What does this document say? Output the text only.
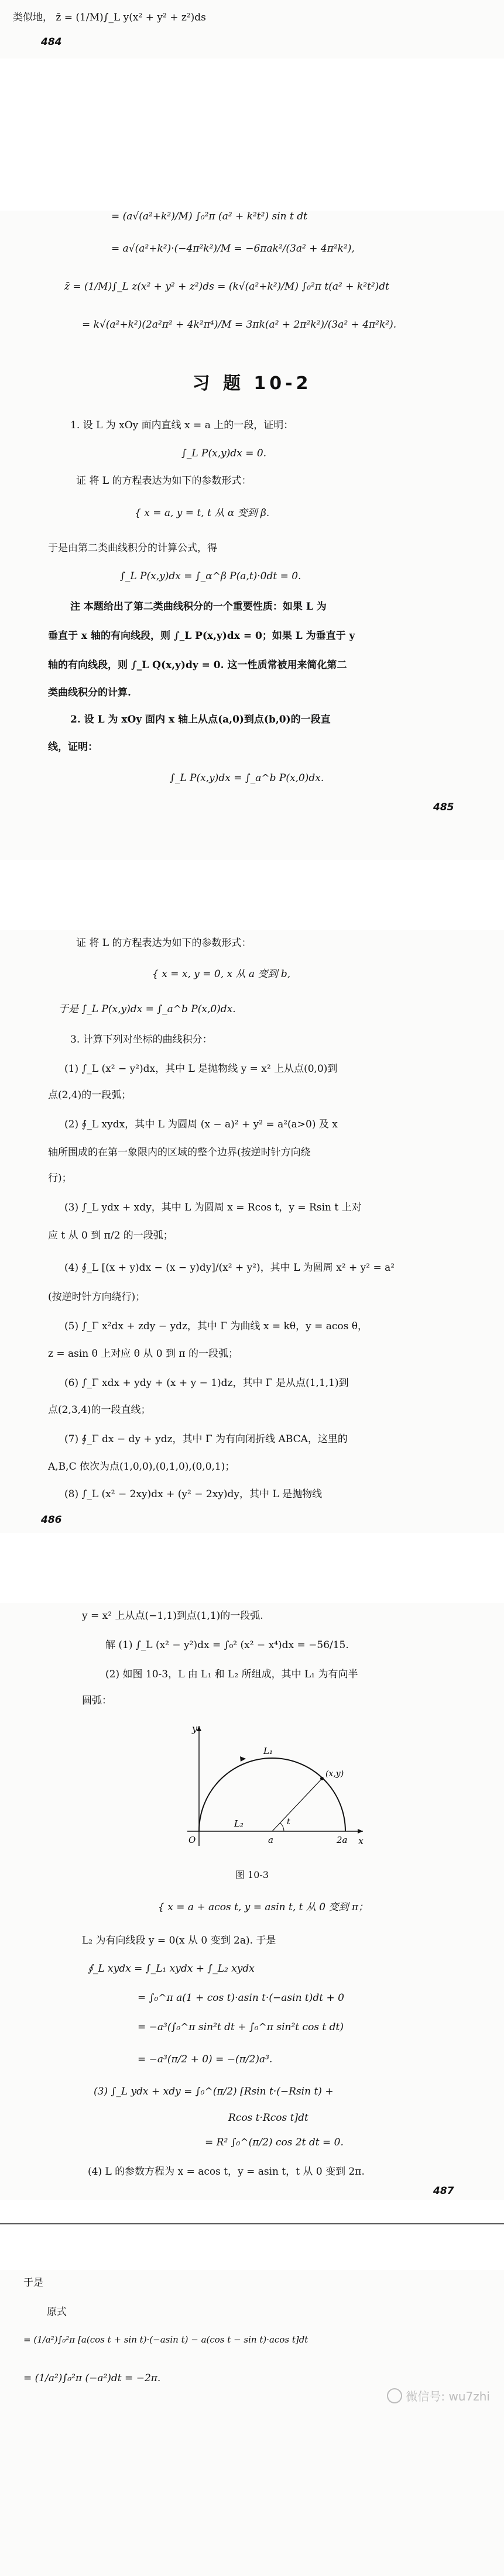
类似地， z̄ = (1/M)∫_L y(x² + y² + z²)ds
484
= (a√(a²+k²)/M) ∫₀²π (a² + k²t²) sin t dt
= a√(a²+k²)·(−4π²k²)/M = −6πak²/(3a² + 4π²k²),
z̄ = (1/M)∫_L z(x² + y² + z²)ds = (k√(a²+k²)/M) ∫₀²π t(a² + k²t²)dt
= k√(a²+k²)(2a²π² + 4k²π⁴)/M = 3πk(a² + 2π²k²)/(3a² + 4π²k²).
习 题 10-2
1. 设 L 为 xOy 面内直线 x = a 上的一段，证明：
∫_L P(x,y)dx = 0.
证 将 L 的方程表达为如下的参数形式：
{ x = a, y = t, t 从 α 变到 β.
于是由第二类曲线积分的计算公式，得
∫_L P(x,y)dx = ∫_α^β P(a,t)·0dt = 0.
注 本题给出了第二类曲线积分的一个重要性质：如果 L 为
垂直于 x 轴的有向线段，则 ∫_L P(x,y)dx = 0；如果 L 为垂直于 y
轴的有向线段，则 ∫_L Q(x,y)dy = 0. 这一性质常被用来简化第二
类曲线积分的计算.
2. 设 L 为 xOy 面内 x 轴上从点(a,0)到点(b,0)的一段直
线，证明：
∫_L P(x,y)dx = ∫_a^b P(x,0)dx.
485
证 将 L 的方程表达为如下的参数形式：
{ x = x, y = 0, x 从 a 变到 b,
于是 ∫_L P(x,y)dx = ∫_a^b P(x,0)dx.
3. 计算下列对坐标的曲线积分：
(1) ∫_L (x² − y²)dx，其中 L 是抛物线 y = x² 上从点(0,0)到
点(2,4)的一段弧；
(2) ∮_L xydx，其中 L 为圆周 (x − a)² + y² = a²(a>0) 及 x
轴所围成的在第一象限内的区域的整个边界(按逆时针方向绕
行)；
(3) ∫_L ydx + xdy，其中 L 为圆周 x = Rcos t，y = Rsin t 上对
应 t 从 0 到 π/2 的一段弧；
(4) ∮_L [(x + y)dx − (x − y)dy]/(x² + y²)，其中 L 为圆周 x² + y² = a²
(按逆时针方向绕行)；
(5) ∫_Γ x²dx + zdy − ydz，其中 Γ 为曲线 x = kθ，y = acos θ，
z = asin θ 上对应 θ 从 0 到 π 的一段弧；
(6) ∫_Γ xdx + ydy + (x + y − 1)dz，其中 Γ 是从点(1,1,1)到
点(2,3,4)的一段直线；
(7) ∮_Γ dx − dy + ydz，其中 Γ 为有向闭折线 ABCA，这里的
A,B,C 依次为点(1,0,0),(0,1,0),(0,0,1)；
(8) ∫_L (x² − 2xy)dx + (y² − 2xy)dy，其中 L 是抛物线
486
y = x² 上从点(−1,1)到点(1,1)的一段弧.
解 (1) ∫_L (x² − y²)dx = ∫₀² (x² − x⁴)dx = −56/15.
(2) 如图 10-3，L 由 L₁ 和 L₂ 所组成，其中 L₁ 为有向半
圆弧：
y
x
O	a	2a
L₁
L₂
(x,y)
t
图 10-3
{ x = a + acos t, y = asin t, t 从 0 变到 π；
L₂ 为有向线段 y = 0(x 从 0 变到 2a). 于是
∮_L xydx = ∫_L₁ xydx + ∫_L₂ xydx
= ∫₀^π a(1 + cos t)·asin t·(−asin t)dt + 0
= −a³(∫₀^π sin²t dt + ∫₀^π sin²t cos t dt)
= −a³(π/2 + 0) = −(π/2)a³.
(3) ∫_L ydx + xdy = ∫₀^(π/2) [Rsin t·(−Rsin t) +
Rcos t·Rcos t]dt
= R² ∫₀^(π/2) cos 2t dt = 0.
(4) L 的参数方程为 x = acos t，y = asin t，t 从 0 变到 2π.
487
于是
原式
= (1/a²)∫₀²π [a(cos t + sin t)·(−asin t) − a(cos t − sin t)·acos t]dt
= (1/a²)∫₀²π (−a²)dt = −2π.
微信号: wu7zhi
